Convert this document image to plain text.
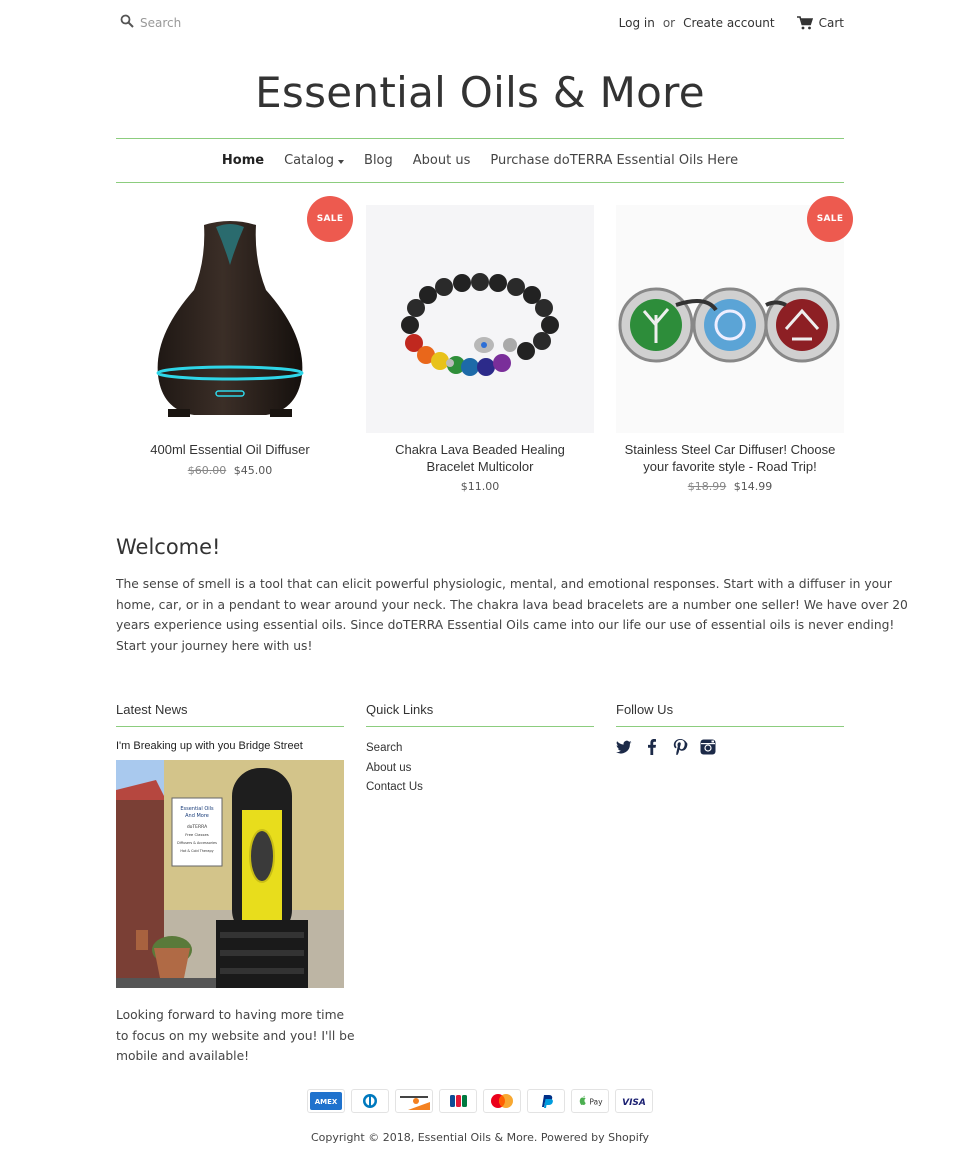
Search
Log in or Create account	Cart
Essential Oils & More
Home Catalog Blog About us Purchase doTERRA Essential Oils Here
400ml Essential Oil Diffuser
$60.00 $45.00
SALE
Chakra Lava Beaded Healing Bracelet Multicolor
$11.00
Stainless Steel Car Diffuser! Choose your favorite style - Road Trip!
$18.99 $14.99
SALE
Welcome!

The sense of smell is a tool that can elicit powerful physiologic, mental, and emotional responses. Start with a diffuser in your home, car, or in a pendant to wear around your neck. The chakra lava bead bracelets are a number one seller! We have over 20 years experience using essential oils. Since doTERRA Essential Oils came into our life our use of essential oils is never ending! Start your journey here with us!

Latest News
I'm Breaking up with you Bridge Street
Essential Oils
And More
doTERRA
Free Classes
Diffusers & Accessories
Hot & Cold Therapy

Looking forward to having more time to focus on my website and you! I'll be mobile and available!

Quick Links
Search
About us
Contact Us
Follow Us
AMEX	Pay VISA
Copyright © 2018, Essential Oils & More. Powered by Shopify
